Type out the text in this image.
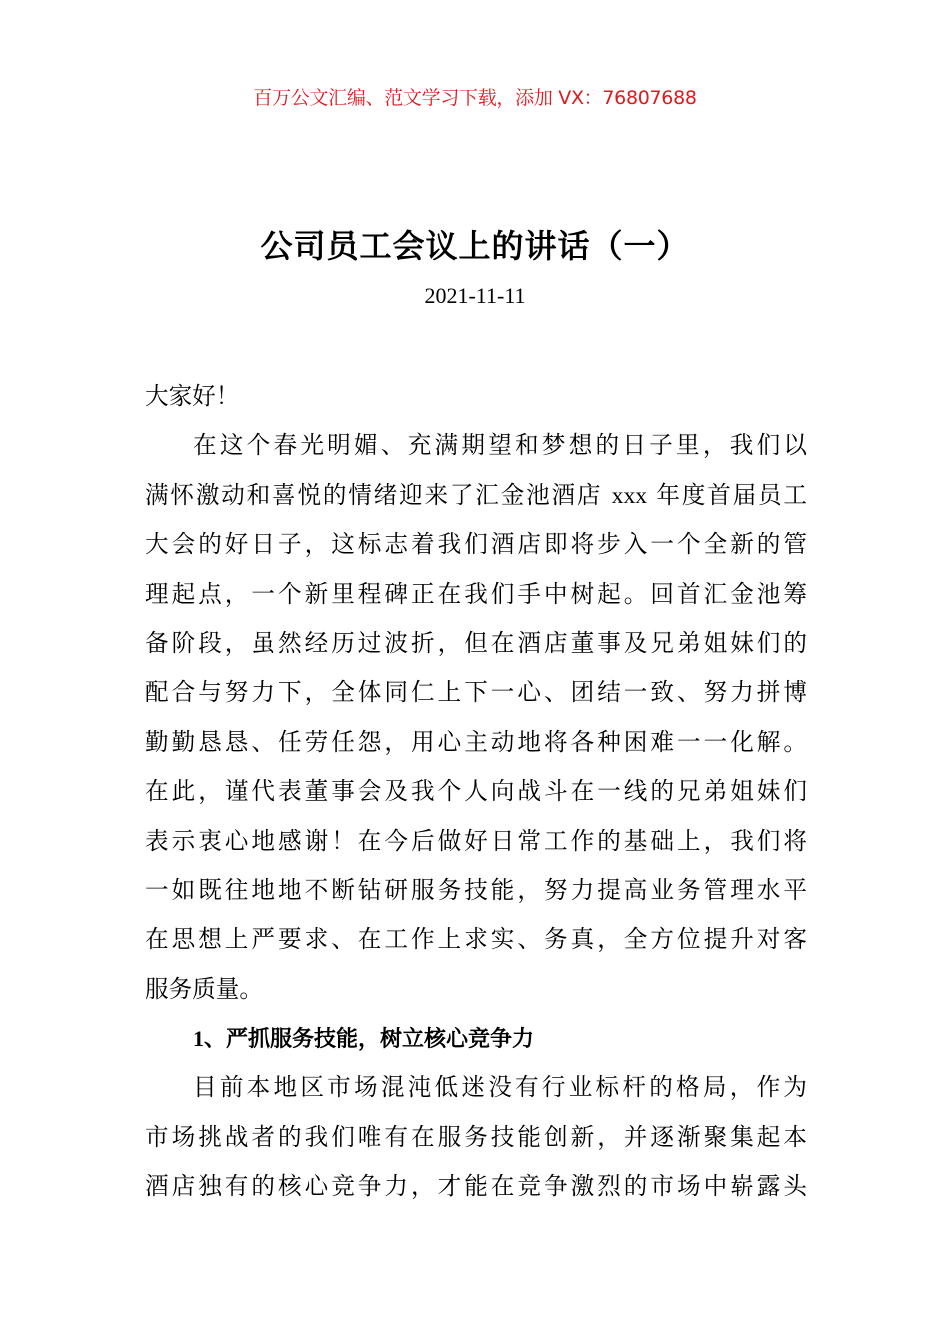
百万公文汇编、范文学习下载，添加 VX：76807688
公司员工会议上的讲话（一）
2021-11-11
大家好！
在这个春光明媚、充满期望和梦想的日子里，我们以
满怀激动和喜悦的情绪迎来了汇金池酒店 xxx 年度首届员工
大会的好日子，这标志着我们酒店即将步入一个全新的管
理起点，一个新里程碑正在我们手中树起。回首汇金池筹
备阶段，虽然经历过波折，但在酒店董事及兄弟姐妹们的
配合与努力下，全体同仁上下一心、团结一致、努力拼博
勤勤恳恳、任劳任怨，用心主动地将各种困难一一化解。
在此，谨代表董事会及我个人向战斗在一线的兄弟姐妹们
表示衷心地感谢！在今后做好日常工作的基础上，我们将
一如既往地地不断钻研服务技能，努力提高业务管理水平
在思想上严要求、在工作上求实、务真，全方位提升对客
服务质量。
1、严抓服务技能，树立核心竞争力
目前本地区市场混沌低迷没有行业标杆的格局，作为
市场挑战者的我们唯有在服务技能创新，并逐渐聚集起本
酒店独有的核心竞争力，才能在竞争激烈的市场中崭露头
